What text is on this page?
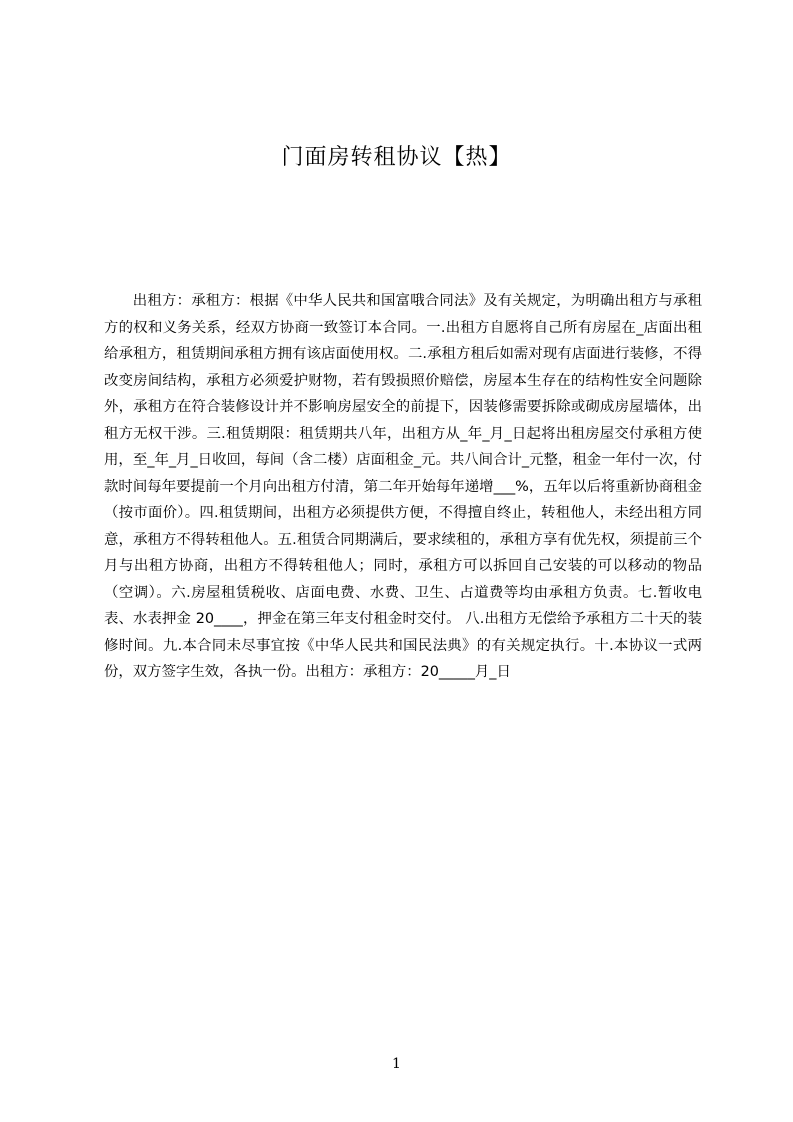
门面房转租协议【热】

出租方：承租方：根据《中华人民共和国富哦合同法》及有关规定，为明确出租方与承租方的权和义务关系，经双方协商一致签订本合同。一.出租方自愿将自己所有房屋在_店面出租给承租方，租赁期间承租方拥有该店面使用权。二.承租方租后如需对现有店面进行装修，不得改变房间结构，承租方必须爱护财物，若有毁损照价赔偿，房屋本生存在的结构性安全问题除外，承租方在符合装修设计并不影响房屋安全的前提下，因装修需要拆除或砌成房屋墙体，出租方无权干涉。三.租赁期限：租赁期共八年，出租方从_年_月_日起将出租房屋交付承租方使用，至_年_月_日收回，每间（含二楼）店面租金_元。共八间合计_元整，租金一年付一次，付款时间每年要提前一个月向出租方付清，第二年开始每年递增___%，五年以后将重新协商租金（按市面价）。四.租赁期间，出租方必须提供方便，不得擅自终止，转租他人，未经出租方同意，承租方不得转租他人。五.租赁合同期满后，要求续租的，承租方享有优先权，须提前三个月与出租方协商，出租方不得转租他人；同时，承租方可以拆回自己安装的可以移动的物品（空调）。六.房屋租赁税收、店面电费、水费、卫生、占道费等均由承租方负责。七.暂收电表、水表押金 20____，押金在第三年支付租金时交付。 八.出租方无偿给予承租方二十天的装修时间。九.本合同未尽事宜按《中华人民共和国民法典》的有关规定执行。十.本协议一式两份，双方签字生效，各执一份。出租方：承租方：20_____月_日

1
